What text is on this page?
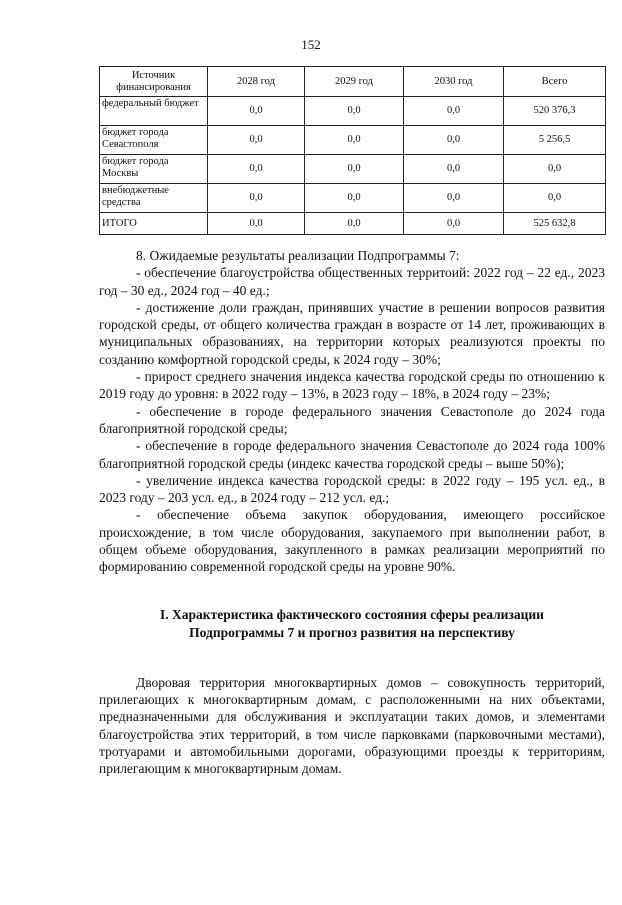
152
Источник финансирования	2028 год	2029 год	2030 год	Всего
федеральный бюджет	0,0	0,0	0,0	520 376,3
бюджет города Севастополя	0,0	0,0	0,0	5 256,5
бюджет города Москвы	0,0	0,0	0,0	0,0
внебюджетные средства	0,0	0,0	0,0	0,0
ИТОГО	0,0	0,0	0,0	525 632,8

8. Ожидаемые результаты реализации Подпрограммы 7:

- обеспечение благоустройства общественных территоий: 2022 год – 22 ед., 2023 год – 30 ед., 2024 год – 40 ед.;

- достижение доли граждан, принявших участие в решении вопросов развития городской среды, от общего количества граждан в возрасте от 14 лет, проживающих в муниципальных образованиях, на территории которых реализуются проекты по созданию комфортной городской среды, к 2024 году – 30%;

- прирост среднего значения индекса качества городской среды по отношению к 2019 году до уровня: в 2022 году – 13%, в 2023 году – 18%, в 2024 году – 23%;

- обеспечение в городе федерального значения Севастополе до 2024 года благоприятной городской среды;

- обеспечение в городе федерального значения Севастополе до 2024 года 100% благоприятной городской среды (индекс качества городской среды – выше 50%);

- увеличение индекса качества городской среды: в 2022 году – 195 усл. ед., в 2023 году – 203 усл. ед., в 2024 году – 212 усл. ед.;

- обеспечение объема закупок оборудования, имеющего российское происхождение, в том числе оборудования, закупаемого при выполнении работ, в общем объеме оборудования, закупленного в рамках реализации мероприятий по формированию современной городской среды на уровне 90%.

I. Характеристика фактического состояния сферы реализации
Подпрограммы 7 и прогноз развития на перспективу

Дворовая территория многоквартирных домов – совокупность территорий, прилегающих к многоквартирным домам, с расположенными на них объектами, предназначенными для обслуживания и эксплуатации таких домов, и элементами благоустройства этих территорий, в том числе парковками (парковочными местами), тротуарами и автомобильными дорогами, образующими проезды к территориям, прилегающим к многоквартирным домам.
